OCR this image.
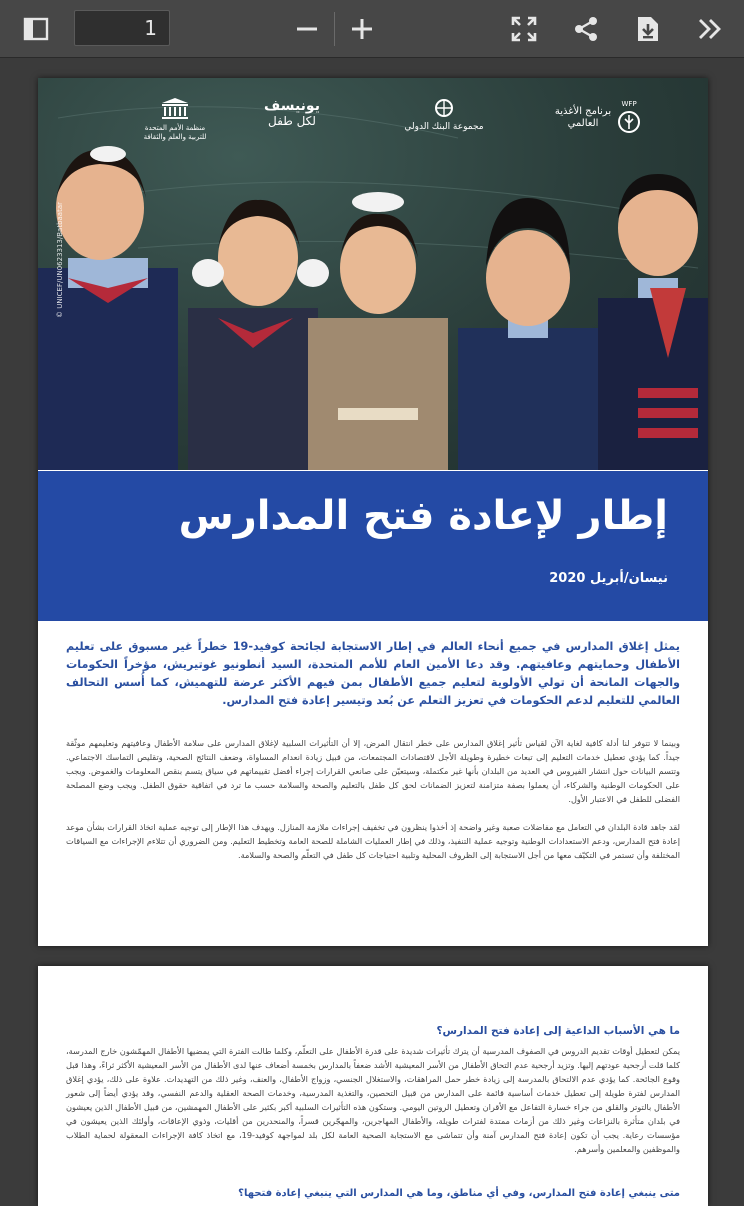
1
منظمة الأمم المتحدة للتربية والعلم والثقافة
يونيسف
لكل طفل	مجموعة البنك الدولي
برنامج الأغذية
العالمي
WFP
© UNICEF/UN0623313/Batbaatar
إطار لإعادة فتح المدارس
نيسان/أبريل 2020
يمثل إغلاق المدارس في جميع أنحاء العالم في إطار الاستجابة لجائحة كوفيد-19 خطراً غير مسبوق على تعليم الأطفال وحمايتهم وعافيتهم. وقد دعا الأمين العام للأمم المتحدة، السيد أنطونيو غوتيريش، مؤخراً الحكومات والجهات المانحة أن تولي الأولوية لتعليم جميع الأطفال بمن فيهم الأكثر عرضة للتهميش، كما أُسس التحالف العالمي للتعليم لدعم الحكومات في تعزيز التعلم عن بُعد وتيسير إعادة فتح المدارس.
وبينما لا تتوفر لنا أدلة كافية لغاية الآن لقياس تأثير إغلاق المدارس على خطر انتقال المرض، إلا أن التأثيرات السلبية لإغلاق المدارس على سلامة الأطفال وعافيتهم وتعليمهم موثّقة جيداً. كما يؤدي تعطيل خدمات التعليم إلى تبعات خطيرة وطويلة الأجل لاقتصادات المجتمعات، من قبيل زيادة انعدام المساواة، وضعف النتائج الصحية، وتقليص التماسك الاجتماعي. وتتسم البيانات حول انتشار الفيروس في العديد من البلدان بأنها غير مكتملة، وسيتعيّن على صانعي القرارات إجراء أفضل تقييماتهم في سياق يتسم بنقص المعلومات والغموض. ويجب على الحكومات الوطنية والشركاء، أن يعملوا بصفة متزامنة لتعزيز الضمانات لحق كل طفل بالتعليم والصحة والسلامة حسب ما ترد في اتفاقية حقوق الطفل. ويجب وضع المصلحة الفضلى للطفل في الاعتبار الأول.
لقد جاهد قادة البلدان في التعامل مع مفاضلات صعبة وغير واضحة إذ أخذوا ينظرون في تخفيف إجراءات ملازمة المنازل. ويهدف هذا الإطار إلى توجيه عملية اتخاذ القرارات بشأن موعد إعادة فتح المدارس، ودعم الاستعدادات الوطنية وتوجيه عملية التنفيذ، وذلك في إطار العمليات الشاملة للصحة العامة وتخطيط التعليم. ومن الضروري أن تتلاءم الإجراءات مع السياقات المختلفة وأن تستمر في التكيّف معها من أجل الاستجابة إلى الظروف المحلية وتلبية احتياجات كل طفل في التعلّم والصحة والسلامة.
ما هي الأسباب الداعية إلى إعادة فتح المدارس؟
يمكن لتعطيل أوقات تقديم الدروس في الصفوف المدرسية أن يترك تأثيرات شديدة على قدرة الأطفال على التعلّم، وكلما طالت الفترة التي يمضيها الأطفال المهمّشون خارج المدرسة، كلما قلت أرجحية عودتهم إليها. وتزيد أرجحية عدم التحاق الأطفال من الأسر المعيشية الأشد ضعفاً بالمدارس بخمسة أضعاف عنها لدى الأطفال من الأسر المعيشية الأكثر ثراءً، وهذا قبل وقوع الجائحة. كما يؤدي عدم الالتحاق بالمدرسة إلى زيادة خطر حمل المراهقات، والاستغلال الجنسي، وزواج الأطفال، والعنف، وغير ذلك من التهديدات. علاوة على ذلك، يؤدي إغلاق المدارس لفترة طويلة إلى تعطيل خدمات أساسية قائمة على المدارس من قبيل التحصين، والتغذية المدرسية، وخدمات الصحة العقلية والدعم النفسي، وقد يؤدي أيضاً إلى شعور الأطفال بالتوتر والقلق من جراء خسارة التفاعل مع الأقران وتعطيل الروتين اليومي. وستكون هذه التأثيرات السلبية أكبر بكثير على الأطفال المهمشين، من قبيل الأطفال الذين يعيشون في بلدان متأثرة بالنزاعات وغير ذلك من أزمات ممتدة لفترات طويلة، والأطفال المهاجرين، والمهجّرين قسراً، والمنحدرين من أقليات، وذوي الإعاقات، وأولئك الذين يعيشون في مؤسسات رعاية. يجب أن تكون إعادة فتح المدارس آمنة وأن تتماشى مع الاستجابة الصحية العامة لكل بلد لمواجهة كوفيد-19، مع اتخاذ كافة الإجراءات المعقولة لحماية الطلاب والموظفين والمعلمين وأسرهم.
متى ينبغي إعادة فتح المدارس، وفي أي مناطق، وما هي المدارس التي ينبغي إعادة فتحها؟
